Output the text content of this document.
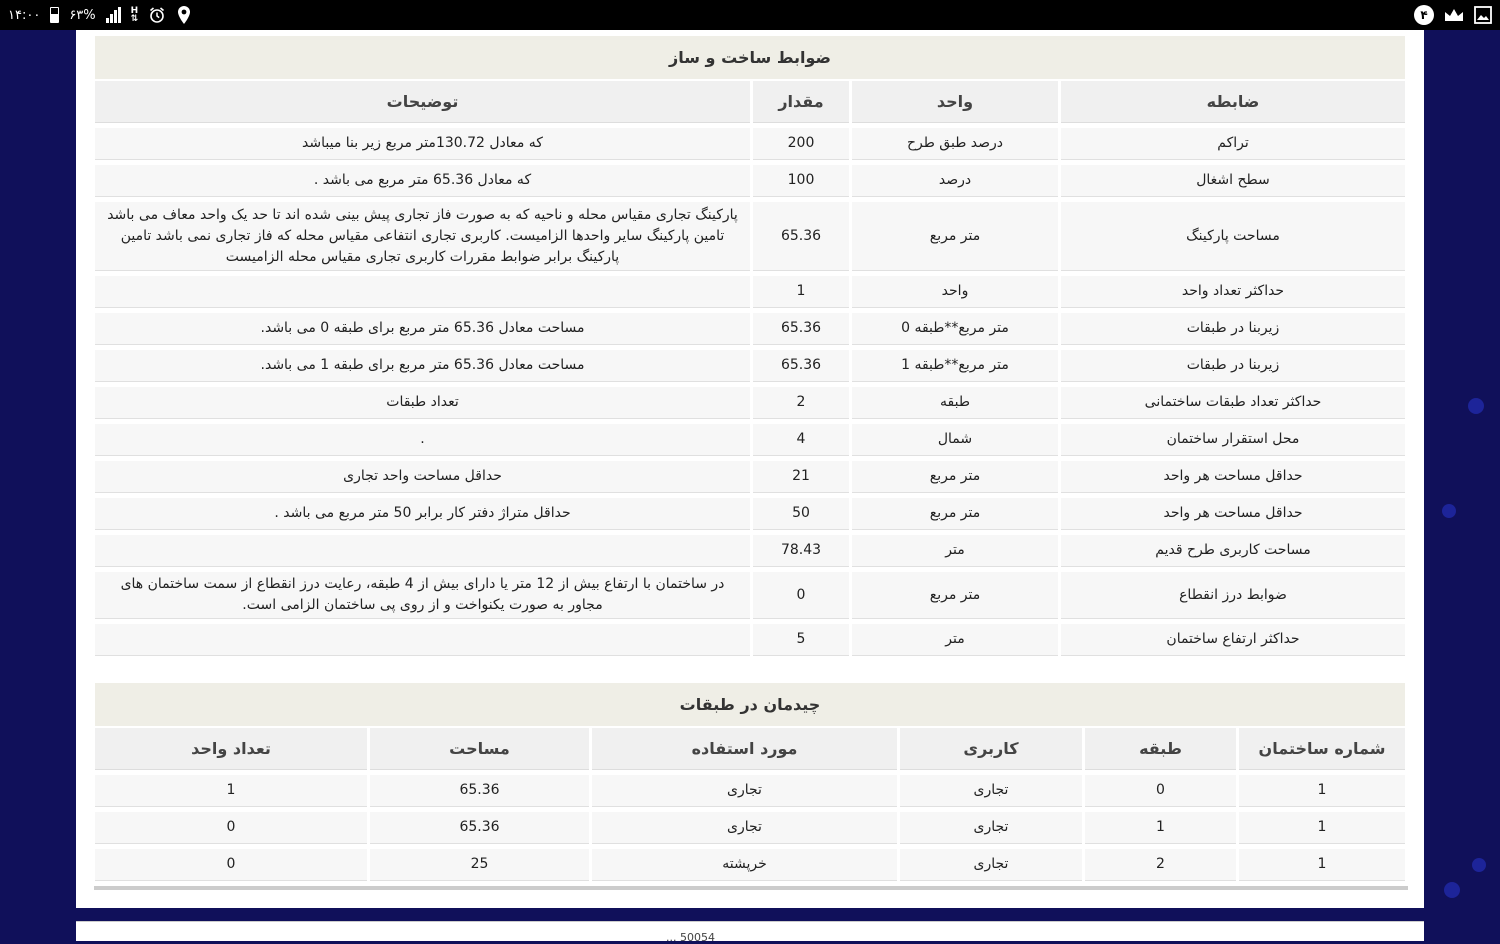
۱۴:۰۰ ۶۳%	H
⇅	۴
ضوابط ساخت و ساز
ضابطه	واحد	مقدار	توضیحات
تراکم	درصد طبق طرح	200	که معادل 130.72متر مربع زیر بنا میباشد
سطح اشغال	درصد	100	که معادل 65.36 متر مربع می باشد .
مساحت پارکینگ	متر مربع	65.36	پارکینگ تجاری مقیاس محله و ناحیه که به صورت فاز تجاری پیش بینی شده اند تا حد یک واحد معاف می باشد تامین پارکینگ سایر واحدها الزامیست. کاربری تجاری انتفاعی مقیاس محله که فاز تجاری نمی باشد تامین پارکینگ برابر ضوابط مقررات کاربری تجاری مقیاس محله الزامیست
حداکثر تعداد واحد	واحد	1	
زیربنا در طبقات	متر مربع**طبقه 0	65.36	مساحت معادل 65.36 متر مربع برای طبقه 0 می باشد.
زیربنا در طبقات	متر مربع**طبقه 1	65.36	مساحت معادل 65.36 متر مربع برای طبقه 1 می باشد.
حداکثر تعداد طبقات ساختمانی	طبقه	2	تعداد طبقات
محل استقرار ساختمان	شمال	4	.
حداقل مساحت هر واحد	متر مربع	21	حداقل مساحت واحد تجاری
حداقل مساحت هر واحد	متر مربع	50	حداقل متراژ دفتر کار برابر 50 متر مربع می باشد .
مساحت کاربری طرح قدیم	متر	78.43	
ضوابط درز انقطاع	متر مربع	0	در ساختمان با ارتفاع بیش از 12 متر یا دارای بیش از 4 طبقه، رعایت درز انقطاع از سمت ساختمان های مجاور به صورت یکنواخت و از روی پی ساختمان الزامی است.
حداکثر ارتفاع ساختمان	متر	5	
چیدمان در طبقات
شماره ساختمان	طبقه	کاربری	مورد استفاده	مساحت	تعداد واحد
1	0	تجاری	تجاری	65.36	1
1	1	تجاری	تجاری	65.36	0
1	2	تجاری	خرپشته	25	0
... 50054
